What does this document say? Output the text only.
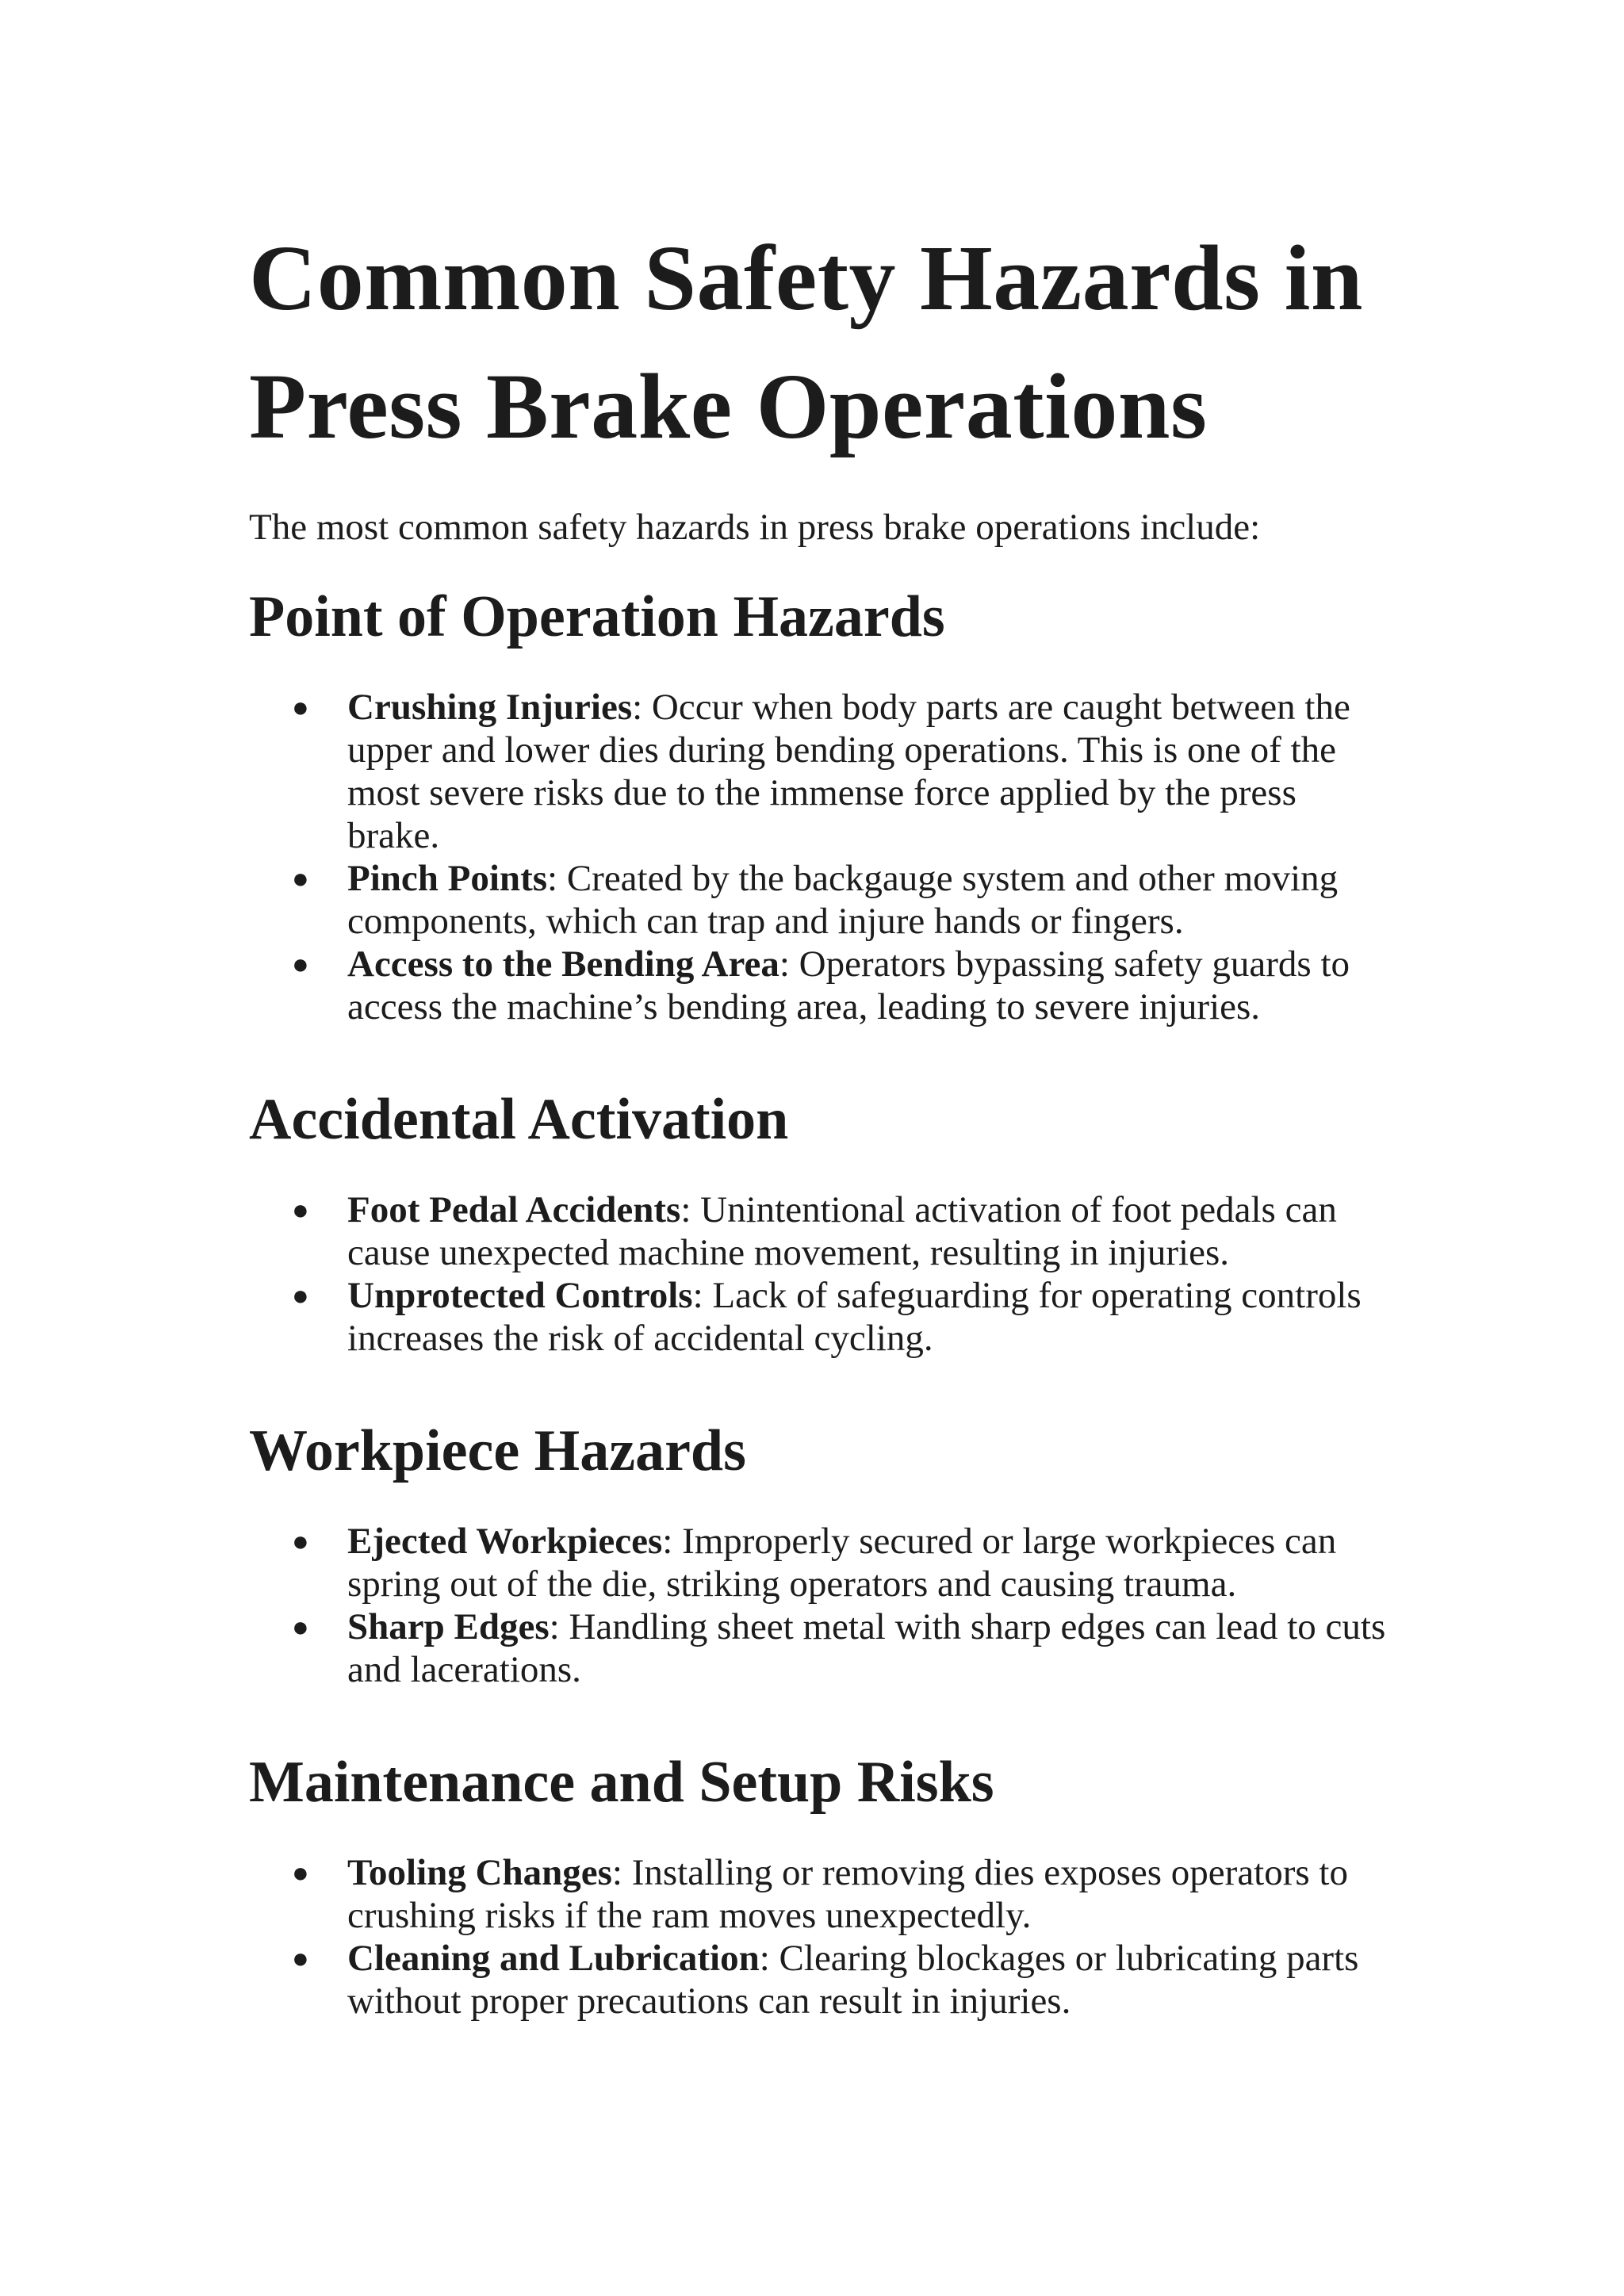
Common Safety Hazards in Press Brake Operations

The most common safety hazards in press brake operations include:

Point of Operation Hazards
● Crushing Injuries: Occur when body parts are caught between the upper and lower dies during bending operations. This is one of the most severe risks due to the immense force applied by the press brake.
● Pinch Points: Created by the backgauge system and other moving components, which can trap and injure hands or fingers.
● Access to the Bending Area: Operators bypassing safety guards to access the machine’s bending area, leading to severe injuries.
Accidental Activation
● Foot Pedal Accidents: Unintentional activation of foot pedals can cause unexpected machine movement, resulting in injuries.
● Unprotected Controls: Lack of safeguarding for operating controls increases the risk of accidental cycling.
Workpiece Hazards
● Ejected Workpieces: Improperly secured or large workpieces can spring out of the die, striking operators and causing trauma.
● Sharp Edges: Handling sheet metal with sharp edges can lead to cuts and lacerations.
Maintenance and Setup Risks
● Tooling Changes: Installing or removing dies exposes operators to crushing risks if the ram moves unexpectedly.
● Cleaning and Lubrication: Clearing blockages or lubricating parts without proper precautions can result in injuries.
